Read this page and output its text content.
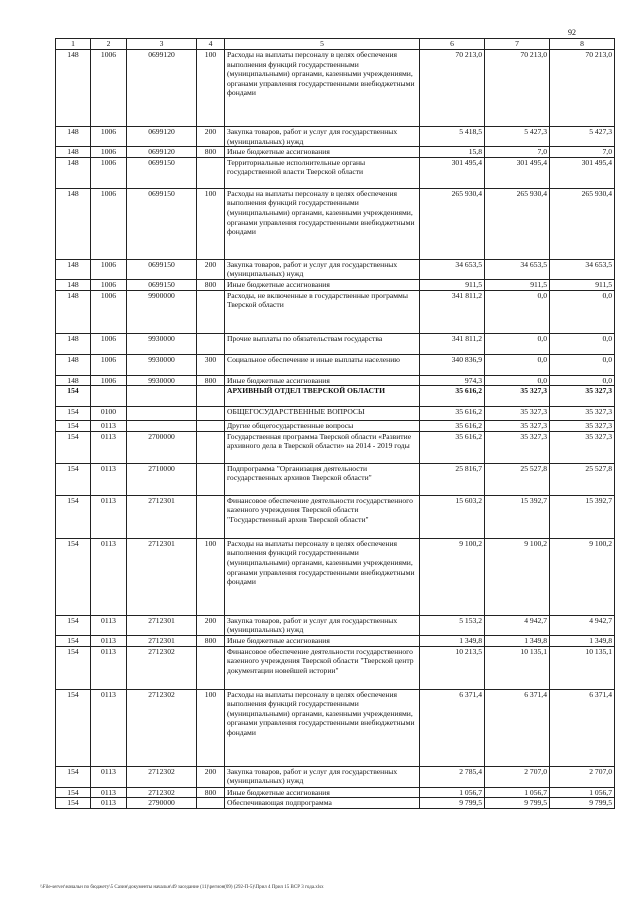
92
1	2	3	4	5	6	7	8
148	1006	0699120	100	Расходы на выплаты персоналу в целях обеспечения выполнения функций государственными (муниципальными) органами, казенными учреждениями, органами управления государственными внебюджетными фондами	70 213,0	70 213,0	70 213,0
148	1006	0699120	200	Закупка товаров, работ и услуг для государственных (муниципальных) нужд	5 418,5	5 427,3	5 427,3
148	1006	0699120	800	Иные бюджетные ассигнования	15,8	7,0	7,0
148	1006	0699150		Территориальные исполнительные органы государственной власти Тверской области	301 495,4	301 495,4	301 495,4
148	1006	0699150	100	Расходы на выплаты персоналу в целях обеспечения выполнения функций государственными (муниципальными) органами, казенными учреждениями, органами управления государственными внебюджетными фондами	265 930,4	265 930,4	265 930,4
148	1006	0699150	200	Закупка товаров, работ и услуг для государственных (муниципальных) нужд	34 653,5	34 653,5	34 653,5
148	1006	0699150	800	Иные бюджетные ассигнования	911,5	911,5	911,5
148	1006	9900000		Расходы, не включенные в государственные программы Тверской области	341 811,2	0,0	0,0
148	1006	9930000		Прочие выплаты по обязательствам государства	341 811,2	0,0	0,0
148	1006	9930000	300	Социальное обеспечение и иные выплаты населению	340 836,9	0,0	0,0
148	1006	9930000	800	Иные бюджетные ассигнования	974,3	0,0	0,0
154				АРХИВНЫЙ ОТДЕЛ ТВЕРСКОЙ ОБЛАСТИ	35 616,2	35 327,3	35 327,3
154	0100			ОБЩЕГОСУДАРСТВЕННЫЕ ВОПРОСЫ	35 616,2	35 327,3	35 327,3
154	0113			Другие общегосударственные вопросы	35 616,2	35 327,3	35 327,3
154	0113	2700000		Государственная программа Тверской области «Развитие архивного дела в Тверской области» на 2014 - 2019 годы	35 616,2	35 327,3	35 327,3
154	0113	2710000		Подпрограмма "Организация деятельности государственных архивов Тверской области"	25 816,7	25 527,8	25 527,8
154	0113	2712301		Финансовое обеспечение деятельности государственного казенного учреждения Тверской области "Государственный архив Тверской области"	15 603,2	15 392,7	15 392,7
154	0113	2712301	100	Расходы на выплаты персоналу в целях обеспечения выполнения функций государственными (муниципальными) органами, казенными учреждениями, органами управления государственными внебюджетными фондами	9 100,2	9 100,2	9 100,2
154	0113	2712301	200	Закупка товаров, работ и услуг для государственных (муниципальных) нужд	5 153,2	4 942,7	4 942,7
154	0113	2712301	800	Иные бюджетные ассигнования	1 349,8	1 349,8	1 349,8
154	0113	2712302		Финансовое обеспечение деятельности государственного казенного учреждения Тверской области "Тверской центр документации новейшей истории"	10 213,5	10 135,1	10 135,1
154	0113	2712302	100	Расходы на выплаты персоналу в целях обеспечения выполнения функций государственными (муниципальными) органами, казенными учреждениями, органами управления государственными внебюджетными фондами	6 371,4	6 371,4	6 371,4
154	0113	2712302	200	Закупка товаров, работ и услуг для государственных (муниципальных) нужд	2 785,4	2 707,0	2 707,0
154	0113	2712302	800	Иные бюджетные ассигнования	1 056,7	1 056,7	1 056,7
154	0113	2790000		Обеспечивающая подпрограмма	9 799,5	9 799,5	9 799,5
\\File-server\начальн по бюджету\5 Сазин\документы начальн\49 заседание (11)\регион(09) (292-П-5)\Прил 4 Прил 15 ВСР 3 года.xlsx
